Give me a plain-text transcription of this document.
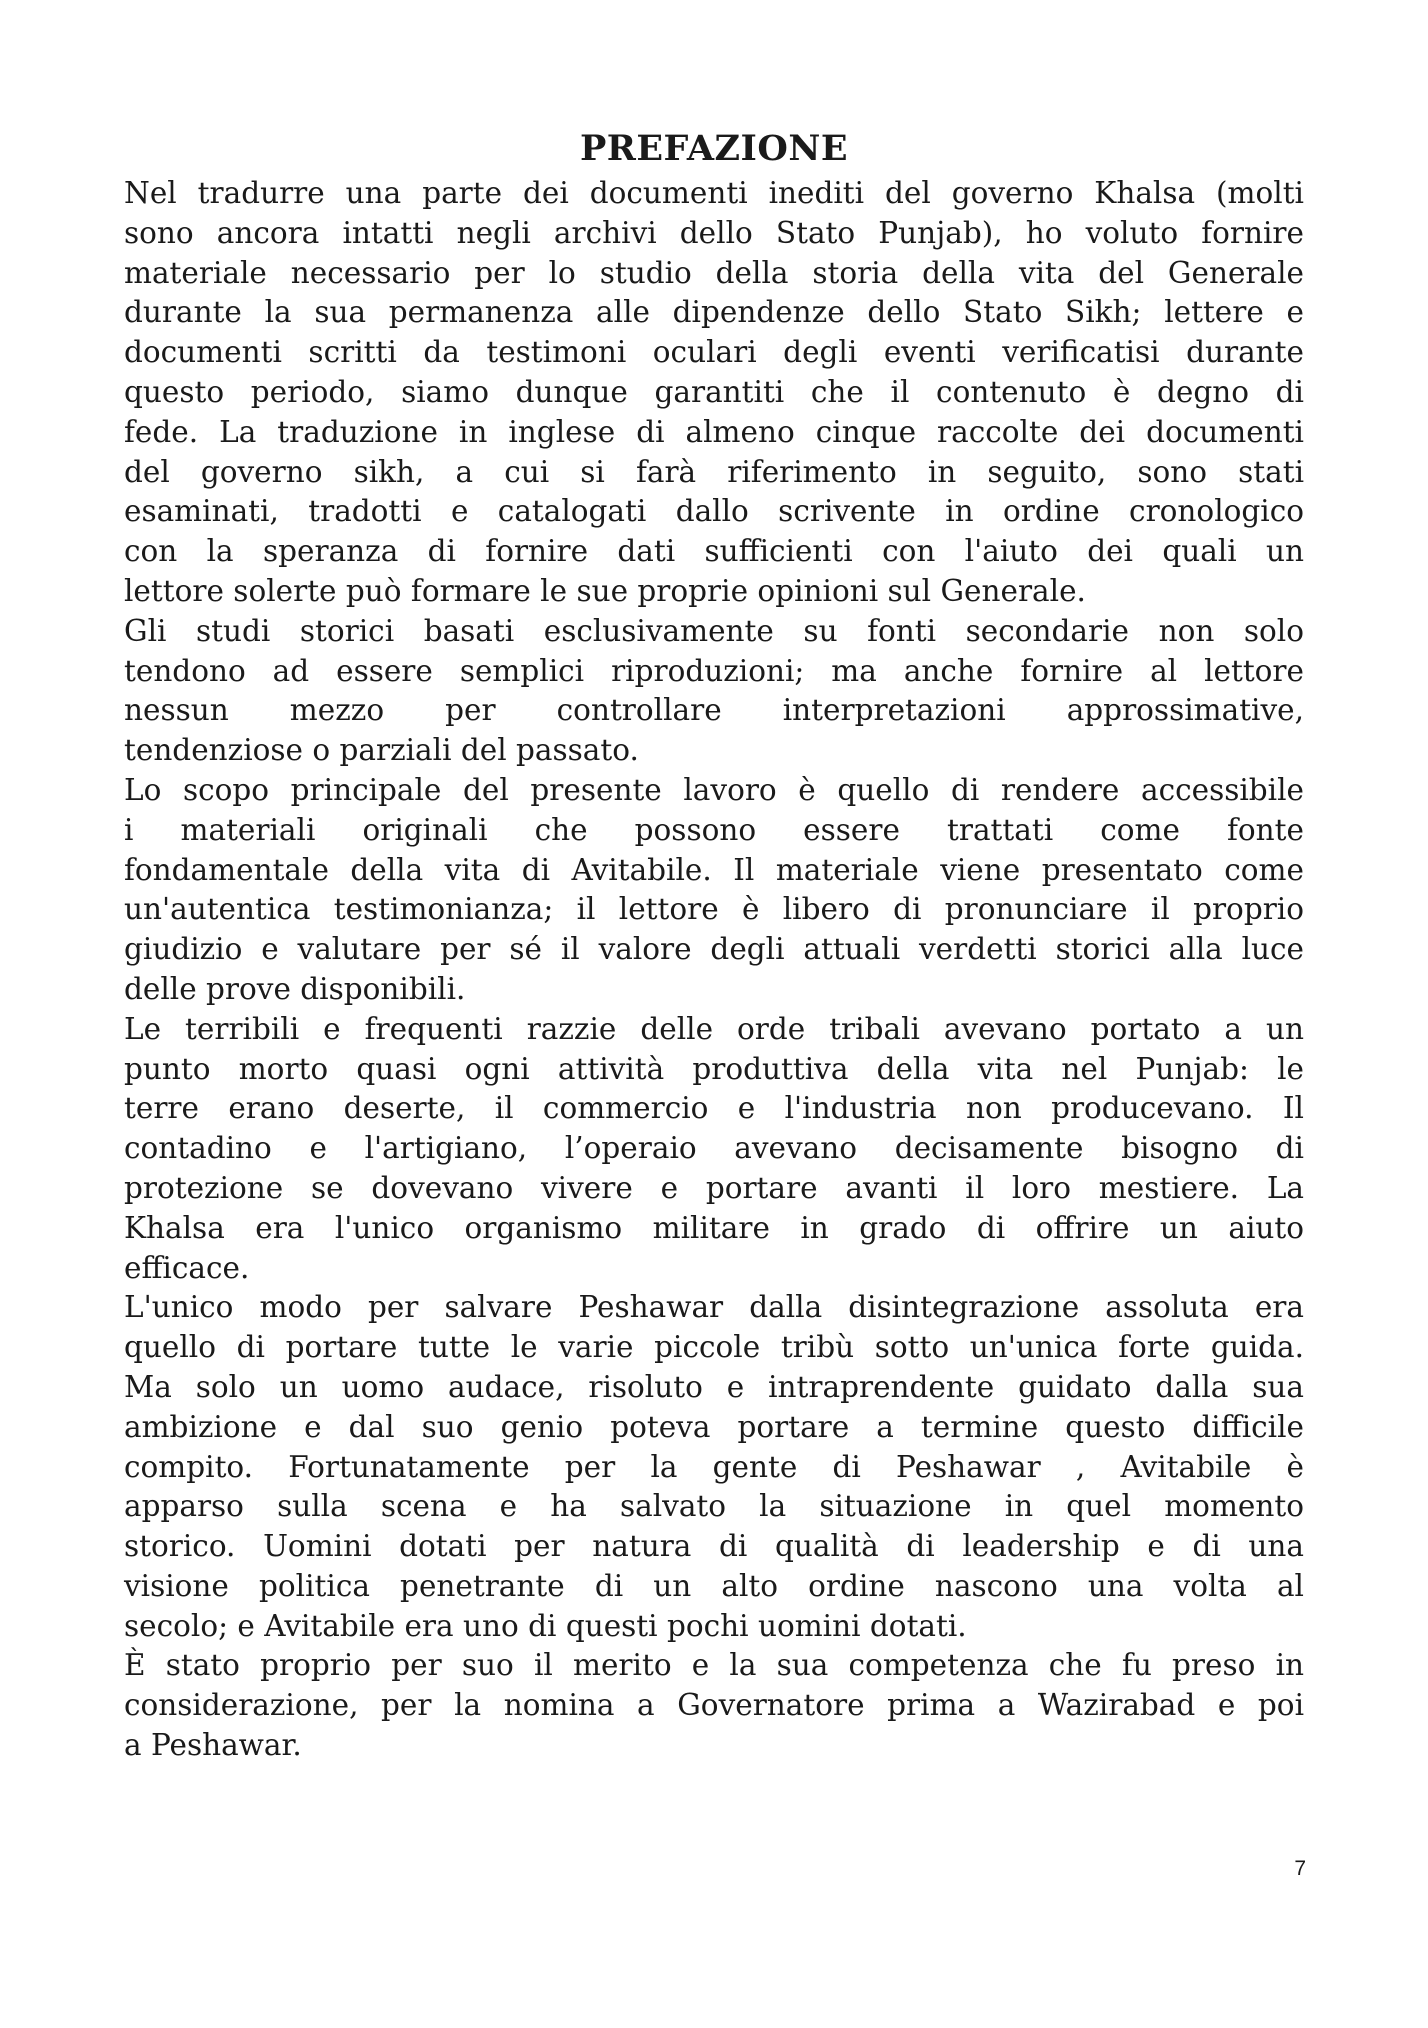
PREFAZIONE

Nel tradurre una parte dei documenti inediti del governo Khalsa (molti
sono ancora intatti negli archivi dello Stato Punjab), ho voluto fornire
materiale necessario per lo studio della storia della vita del Generale
durante la sua permanenza alle dipendenze dello Stato Sikh; lettere e
documenti scritti da testimoni oculari degli eventi verificatisi durante
questo periodo, siamo dunque garantiti che il contenuto è degno di
fede. La traduzione in inglese di almeno cinque raccolte dei documenti
del governo sikh, a cui si farà riferimento in seguito, sono stati
esaminati, tradotti e catalogati dallo scrivente in ordine cronologico
con la speranza di fornire dati sufficienti con l'aiuto dei quali un
lettore solerte può formare le sue proprie opinioni sul Generale.

Gli studi storici basati esclusivamente su fonti secondarie non solo
tendono ad essere semplici riproduzioni; ma anche fornire al lettore
nessun mezzo per controllare interpretazioni approssimative,
tendenziose o parziali del passato.

Lo scopo principale del presente lavoro è quello di rendere accessibile
i materiali originali che possono essere trattati come fonte
fondamentale della vita di Avitabile. Il materiale viene presentato come
un'autentica testimonianza; il lettore è libero di pronunciare il proprio
giudizio e valutare per sé il valore degli attuali verdetti storici alla luce
delle prove disponibili.

Le terribili e frequenti razzie delle orde tribali avevano portato a un
punto morto quasi ogni attività produttiva della vita nel Punjab: le
terre erano deserte, il commercio e l'industria non producevano. Il
contadino e l'artigiano, l’operaio avevano decisamente bisogno di
protezione se dovevano vivere e portare avanti il loro mestiere. La
Khalsa era l'unico organismo militare in grado di offrire un aiuto
efficace.

L'unico modo per salvare Peshawar dalla disintegrazione assoluta era
quello di portare tutte le varie piccole tribù sotto un'unica forte guida.
Ma solo un uomo audace, risoluto e intraprendente guidato dalla sua
ambizione e dal suo genio poteva portare a termine questo difficile
compito. Fortunatamente per la gente di Peshawar , Avitabile è
apparso sulla scena e ha salvato la situazione in quel momento
storico. Uomini dotati per natura di qualità di leadership e di una
visione politica penetrante di un alto ordine nascono una volta al
secolo; e Avitabile era uno di questi pochi uomini dotati.

È stato proprio per suo il merito e la sua competenza che fu preso in
considerazione, per la nomina a Governatore prima a Wazirabad e poi
a Peshawar.

7
